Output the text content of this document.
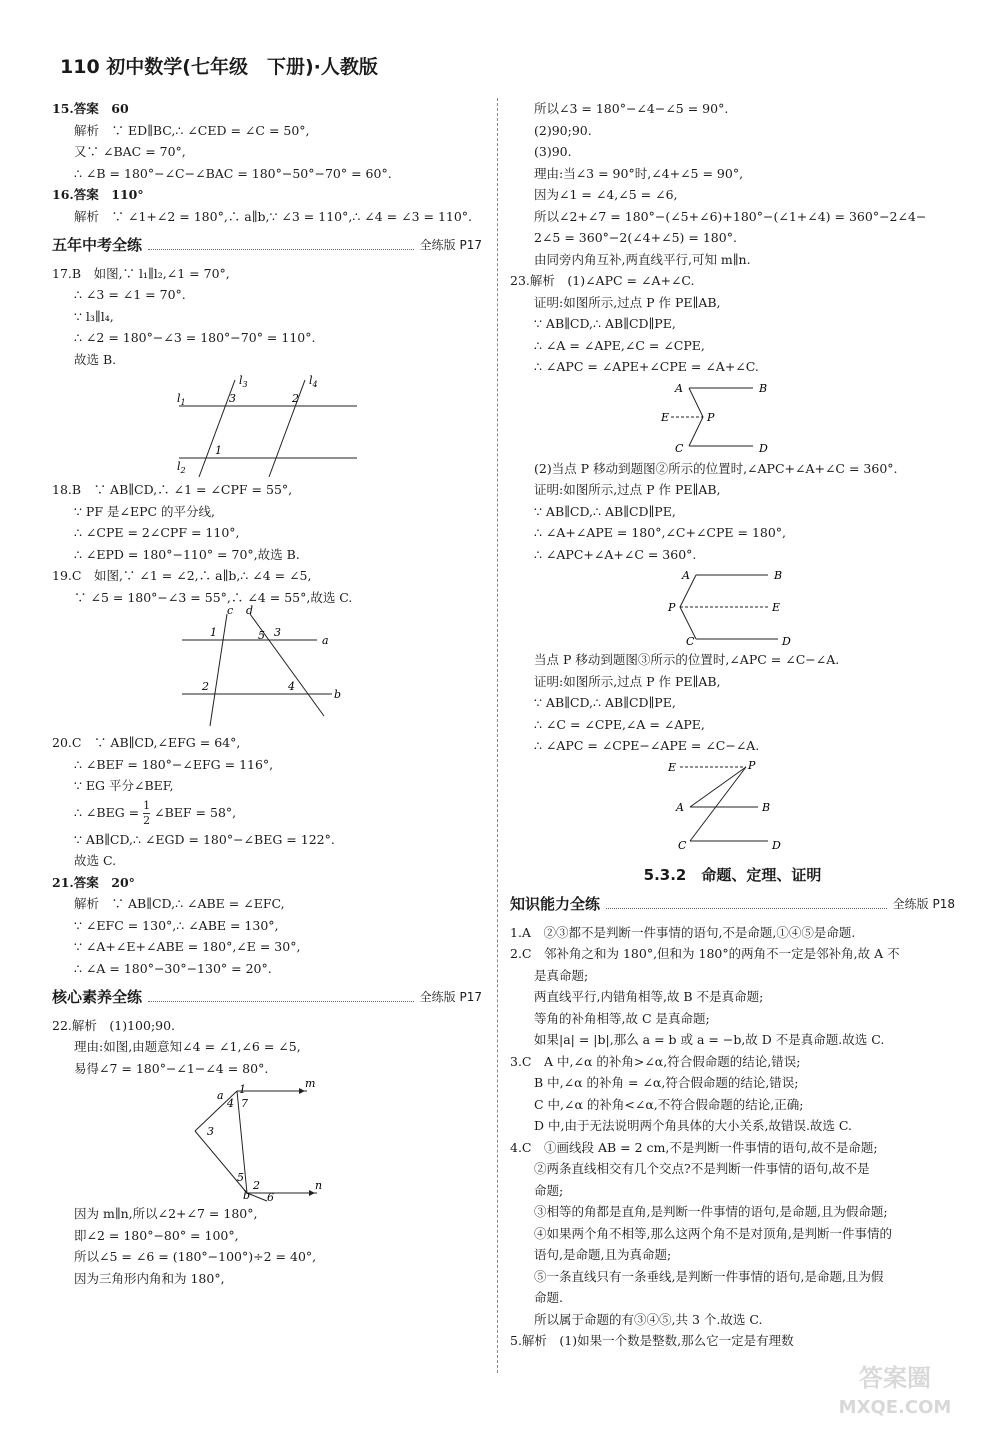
110 初中数学(七年级　下册)·人教版
15.答案　60
解析　∵ ED∥BC,∴ ∠CED = ∠C = 50°,
又∵ ∠BAC = 70°,
∴ ∠B = 180°−∠C−∠BAC = 180°−50°−70° = 60°.
16.答案　110°
解析　∵ ∠1+∠2 = 180°,∴ a∥b,∵ ∠3 = 110°,∴ ∠4 = ∠3 = 110°.
五年中考全练	全练版 P17
17.B　如图,∵ l₁∥l₂,∠1 = 70°,
∴ ∠3 = ∠1 = 70°.
∵ l₃∥l₄,
∴ ∠2 = 180°−∠3 = 180°−70° = 110°.
故选 B.
$l_3$	$l_4$
$l_1$
$l_2$
3	2
1
18.B　∵ AB∥CD,∴ ∠1 = ∠CPF = 55°,
∵ PF 是∠EPC 的平分线,
∴ ∠CPE = 2∠CPF = 110°,
∴ ∠EPD = 180°−110° = 70°,故选 B.
19.C　如图,∵ ∠1 = ∠2,∴ a∥b,∴ ∠4 = ∠5,
∵ ∠5 = 180°−∠3 = 55°,∴ ∠4 = 55°,故选 C.
c d
a
b
1	5 3
2	4
20.C　∵ AB∥CD,∠EFG = 64°,
∴ ∠BEF = 180°−∠EFG = 116°,
∵ EG 平分∠BEF,
∴ ∠BEG = $\frac{1}{2}$ ∠BEF = 58°,
∵ AB∥CD,∴ ∠EGD = 180°−∠BEG = 122°.
故选 C.
21.答案　20°
解析　∵ AB∥CD,∴ ∠ABE = ∠EFC,
∵ ∠EFC = 130°,∴ ∠ABE = 130°,
∵ ∠A+∠E+∠ABE = 180°,∠E = 30°,
∴ ∠A = 180°−30°−130° = 20°.
核心素养全练	全练版 P17
22.解析　(1)100;90.
理由:如图,由题意知∠4 = ∠1,∠6 = ∠5,
易得∠7 = 180°−∠1−∠4 = 80°.
m
n
a
b
1
4 7
3
5
2
6
因为 m∥n,所以∠2+∠7 = 180°,
即∠2 = 180°−80° = 100°,
所以∠5 = ∠6 = (180°−100°)÷2 = 40°,
因为三角形内角和为 180°,
所以∠3 = 180°−∠4−∠5 = 90°.
(2)90;90.
(3)90.
理由:当∠3 = 90°时,∠4+∠5 = 90°,
因为∠1 = ∠4,∠5 = ∠6,
所以∠2+∠7 = 180°−(∠5+∠6)+180°−(∠1+∠4) = 360°−2∠4−
2∠5 = 360°−2(∠4+∠5) = 180°.
由同旁内角互补,两直线平行,可知 m∥n.
23.解析　(1)∠APC = ∠A+∠C.
证明:如图所示,过点 P 作 PE∥AB,
∵ AB∥CD,∴ AB∥CD∥PE,
∴ ∠A = ∠APE,∠C = ∠CPE,
∴ ∠APC = ∠APE+∠CPE = ∠A+∠C.
A	B
E	P
C	D
(2)当点 P 移动到题图②所示的位置时,∠APC+∠A+∠C = 360°.
证明:如图所示,过点 P 作 PE∥AB,
∵ AB∥CD,∴ AB∥CD∥PE,
∴ ∠A+∠APE = 180°,∠C+∠CPE = 180°,
∴ ∠APC+∠A+∠C = 360°.
A	B
P	E
C	D
当点 P 移动到题图③所示的位置时,∠APC = ∠C−∠A.
证明:如图所示,过点 P 作 PE∥AB,
∵ AB∥CD,∴ AB∥CD∥PE,
∴ ∠C = ∠CPE,∠A = ∠APE,
∴ ∠APC = ∠CPE−∠APE = ∠C−∠A.
E	P
A	B
C	D
5.3.2　命题、定理、证明
知识能力全练	全练版 P18
1.A　②③都不是判断一件事情的语句,不是命题,①④⑤是命题.
2.C　邻补角之和为 180°,但和为 180°的两角不一定是邻补角,故 A 不
是真命题;
两直线平行,内错角相等,故 B 不是真命题;
等角的补角相等,故 C 是真命题;
如果|a| = |b|,那么 a = b 或 a = −b,故 D 不是真命题.故选 C.
3.C　A 中,∠α 的补角>∠α,符合假命题的结论,错误;
B 中,∠α 的补角 = ∠α,符合假命题的结论,错误;
C 中,∠α 的补角<∠α,不符合假命题的结论,正确;
D 中,由于无法说明两个角具体的大小关系,故错误.故选 C.
4.C　①画线段 AB = 2 cm,不是判断一件事情的语句,故不是命题;
②两条直线相交有几个交点?不是判断一件事情的语句,故不是
命题;
③相等的角都是直角,是判断一件事情的语句,是命题,且为假命题;
④如果两个角不相等,那么这两个角不是对顶角,是判断一件事情的
语句,是命题,且为真命题;
⑤一条直线只有一条垂线,是判断一件事情的语句,是命题,且为假
命题.
所以属于命题的有③④⑤,共 3 个.故选 C.
5.解析　(1)如果一个数是整数,那么它一定是有理数
答案圈
MXQE.COM
